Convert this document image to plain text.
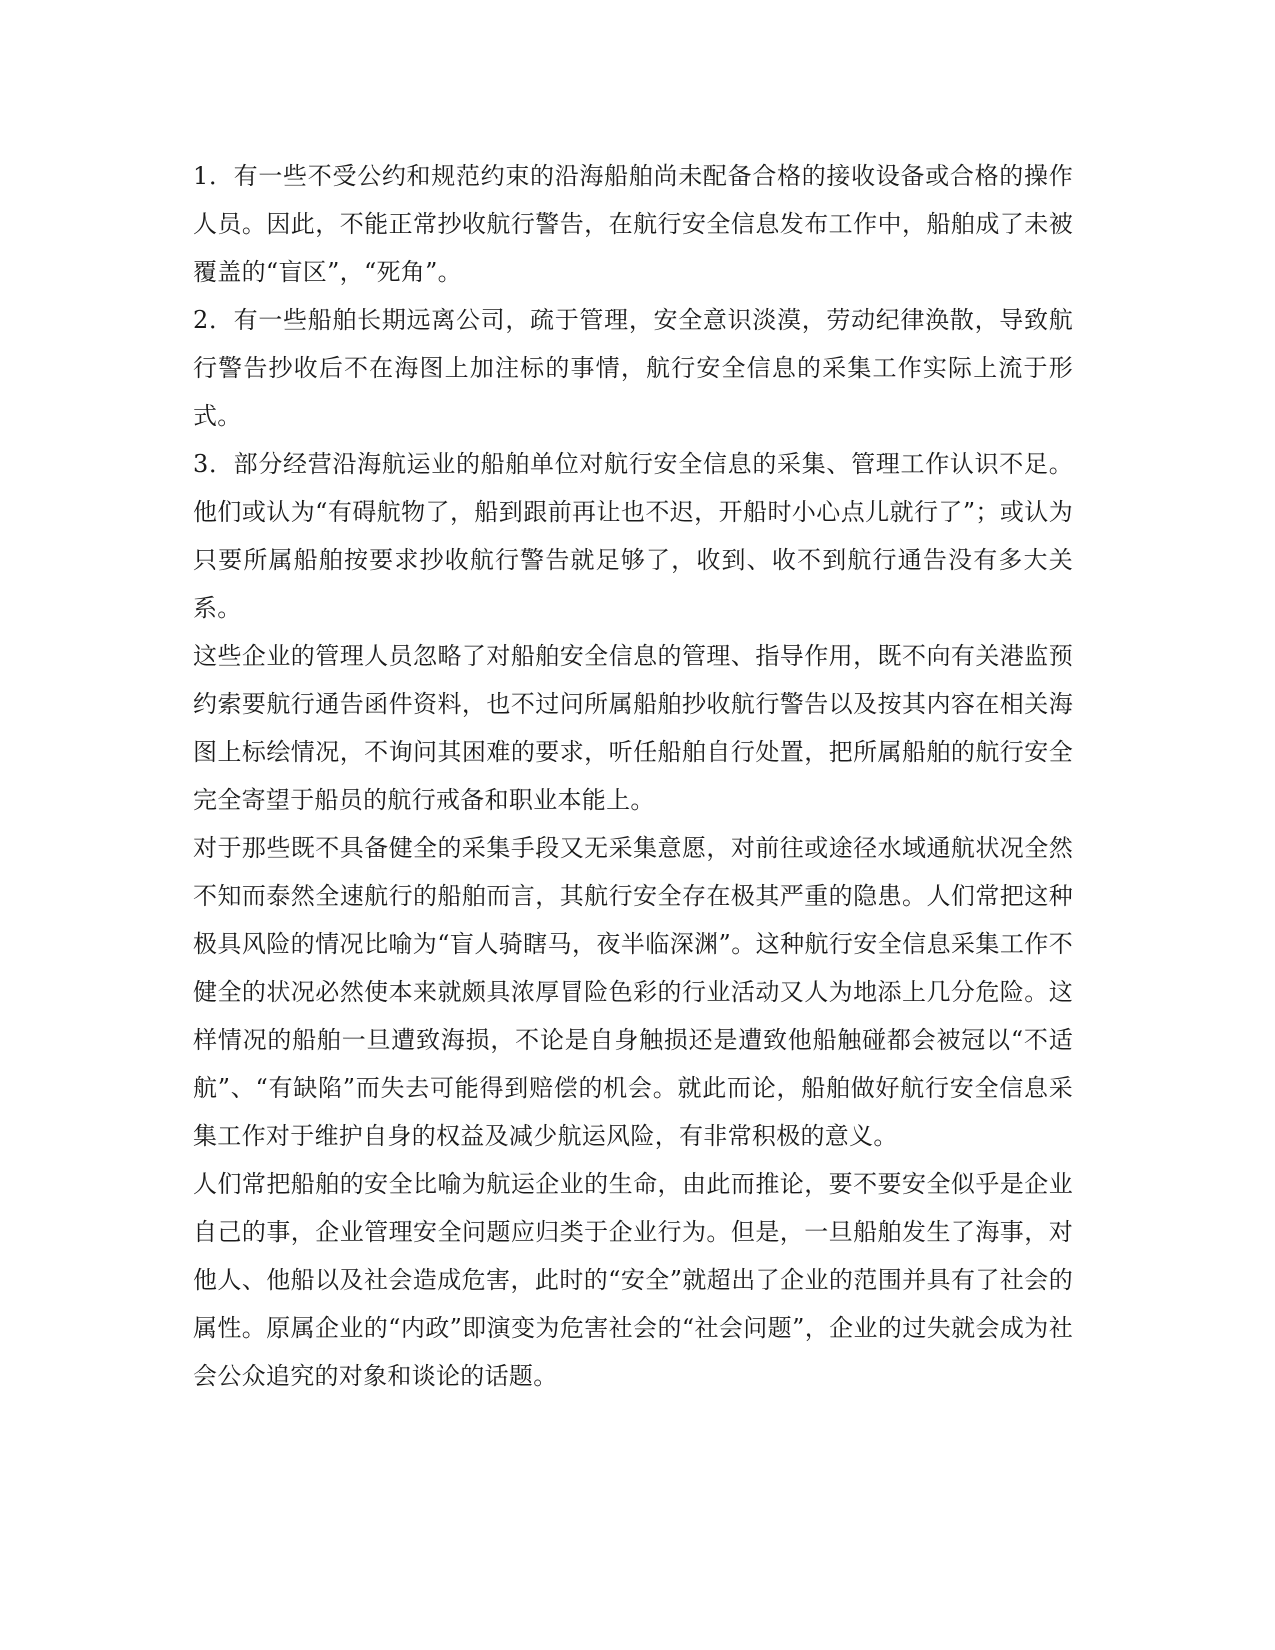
1．有一些不受公约和规范约束的沿海船舶尚未配备合格的接收设备或合格的操作人员。因此，不能正常抄收航行警告，在航行安全信息发布工作中，船舶成了未被覆盖的“盲区”，“死角”。

2．有一些船舶长期远离公司，疏于管理，安全意识淡漠，劳动纪律涣散，导致航行警告抄收后不在海图上加注标的事情，航行安全信息的采集工作实际上流于形式。

3．部分经营沿海航运业的船舶单位对航行安全信息的采集、管理工作认识不足。他们或认为“有碍航物了，船到跟前再让也不迟，开船时小心点儿就行了”；或认为只要所属船舶按要求抄收航行警告就足够了，收到、收不到航行通告没有多大关系。

这些企业的管理人员忽略了对船舶安全信息的管理、指导作用，既不向有关港监预约索要航行通告函件资料，也不过问所属船舶抄收航行警告以及按其内容在相关海图上标绘情况，不询问其困难的要求，听任船舶自行处置，把所属船舶的航行安全完全寄望于船员的航行戒备和职业本能上。

对于那些既不具备健全的采集手段又无采集意愿，对前往或途径水域通航状况全然不知而泰然全速航行的船舶而言，其航行安全存在极其严重的隐患。人们常把这种极具风险的情况比喻为“盲人骑瞎马，夜半临深渊”。这种航行安全信息采集工作不健全的状况必然使本来就颇具浓厚冒险色彩的行业活动又人为地添上几分危险。这样情况的船舶一旦遭致海损，不论是自身触损还是遭致他船触碰都会被冠以“不适航”、“有缺陷”而失去可能得到赔偿的机会。就此而论，船舶做好航行安全信息采集工作对于维护自身的权益及减少航运风险，有非常积极的意义。

人们常把船舶的安全比喻为航运企业的生命，由此而推论，要不要安全似乎是企业自己的事，企业管理安全问题应归类于企业行为。但是，一旦船舶发生了海事，对他人、他船以及社会造成危害，此时的“安全”就超出了企业的范围并具有了社会的属性。原属企业的“内政”即演变为危害社会的“社会问题”，企业的过失就会成为社会公众追究的对象和谈论的话题。
